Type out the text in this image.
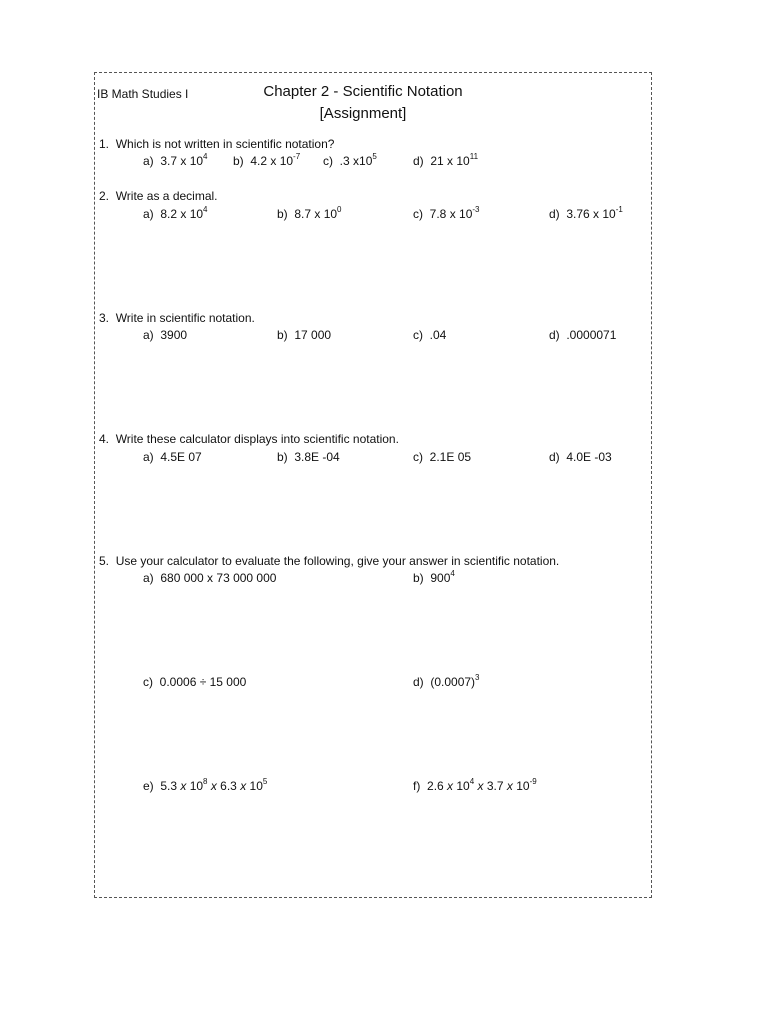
IB Math Studies I	Chapter 2 - Scientific Notation
[Assignment]
1. Which is not written in scientific notation?
a) 3.7 x $10^4$ b) 4.2 x $10^{-7}$ c) .3 $x10^5$	d) 21 x $10^{11}$
2. Write as a decimal.
a) 8.2 x $10^4$	b) 8.7 x $10^0$	c) 7.8 x $10^{-3}$	d) 3.76 x $10^{-1}$
3. Write in scientific notation.
a) 3900	b) 17 000	c) .04	d) .0000071
4. Write these calculator displays into scientific notation.
a) 4.5E 07	b) 3.8E -04	c) 2.1E 05	d) 4.0E -03
5. Use your calculator to evaluate the following, give your answer in scientific notation.
a) 680 000 x 73 000 000	b) $900^4$
c) 0.0006 ÷ 15 000	d) $(0.0007)^3$
e) 5.3 x $10^8$ x 6.3 x $10^5$	f) 2.6 x $10^4$ x 3.7 x $10^{-9}$
